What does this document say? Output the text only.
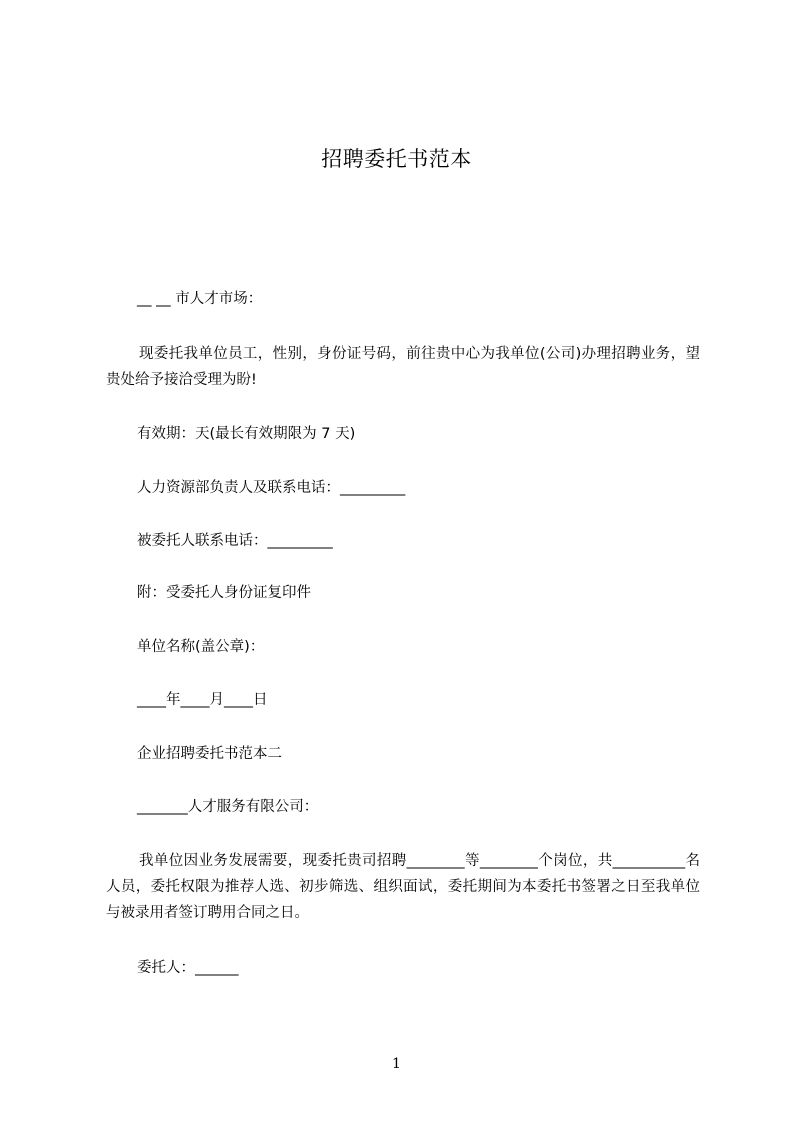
招聘委托书范本
__ __ 市人才市场：
现委托我单位员工，性别，身份证号码，前往贵中心为我单位(公司)办理招聘业务，望贵处给予接洽受理为盼!
有效期：天(最长有效期限为 7 天)
人力资源部负责人及联系电话：_________
被委托人联系电话：_________
附：受委托人身份证复印件
单位名称(盖公章)：
____年____月____日
企业招聘委托书范本二
_______人才服务有限公司：
我单位因业务发展需要，现委托贵司招聘________等________个岗位，共__________名人员，委托权限为推荐人选、初步筛选、组织面试，委托期间为本委托书签署之日至我单位与被录用者签订聘用合同之日。
委托人：______
1
